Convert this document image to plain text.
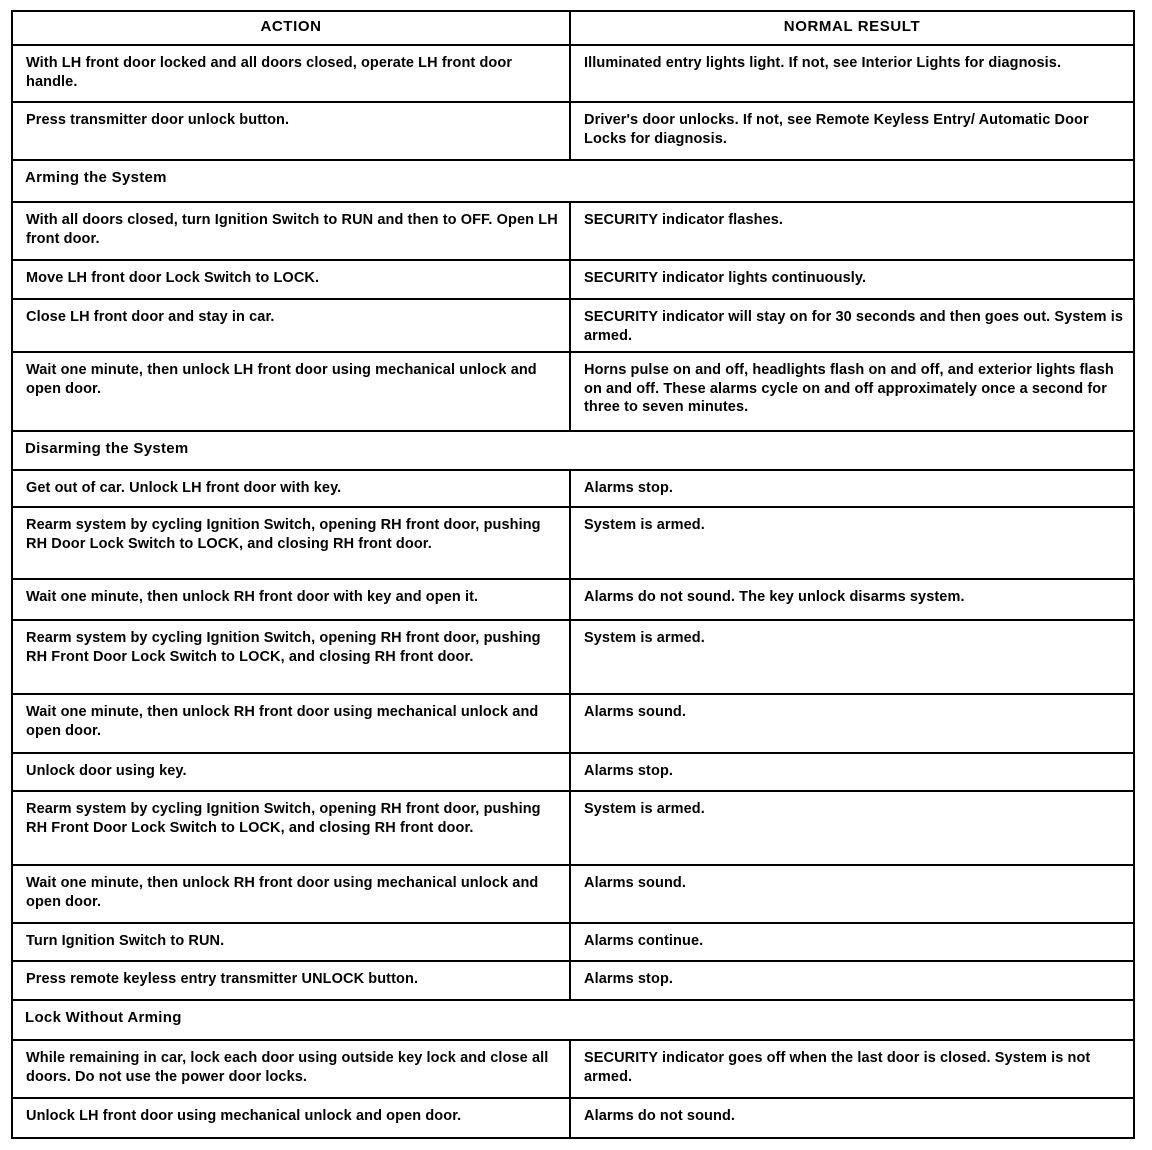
ACTION	NORMAL RESULT
With LH front door locked and all doors closed, operate LH front door handle.	Illuminated entry lights light. If not, see Interior Lights for diagnosis.
Press transmitter door unlock button.	Driver's door unlocks. If not, see Remote Keyless Entry/ Automatic Door Locks for diagnosis.
Arming the System	
With all doors closed, turn Ignition Switch to RUN and then to OFF. Open LH front door.	SECURITY indicator flashes.
Move LH front door Lock Switch to LOCK.	SECURITY indicator lights continuously.
Close LH front door and stay in car.	SECURITY indicator will stay on for 30 seconds and then goes out. System is armed.
Wait one minute, then unlock LH front door using mechanical unlock and open door.	Horns pulse on and off, headlights flash on and off, and exterior lights flash on and off. These alarms cycle on and off approximately once a second for three to seven minutes.
Disarming the System	
Get out of car. Unlock LH front door with key.	Alarms stop.
Rearm system by cycling Ignition Switch, opening RH front door, pushing RH Door Lock Switch to LOCK, and closing RH front door.	System is armed.
Wait one minute, then unlock RH front door with key and open it.	Alarms do not sound. The key unlock disarms system.
Rearm system by cycling Ignition Switch, opening RH front door, pushing RH Front Door Lock Switch to LOCK, and closing RH front door.	System is armed.
Wait one minute, then unlock RH front door using mechanical unlock and open door.	Alarms sound.
Unlock door using key.	Alarms stop.
Rearm system by cycling Ignition Switch, opening RH front door, pushing RH Front Door Lock Switch to LOCK, and closing RH front door.	System is armed.
Wait one minute, then unlock RH front door using mechanical unlock and open door.	Alarms sound.
Turn Ignition Switch to RUN.	Alarms continue.
Press remote keyless entry transmitter UNLOCK button.	Alarms stop.
Lock Without Arming	
While remaining in car, lock each door using outside key lock and close all doors. Do not use the power door locks.	SECURITY indicator goes off when the last door is closed. System is not armed.
Unlock LH front door using mechanical unlock and open door.	Alarms do not sound.
